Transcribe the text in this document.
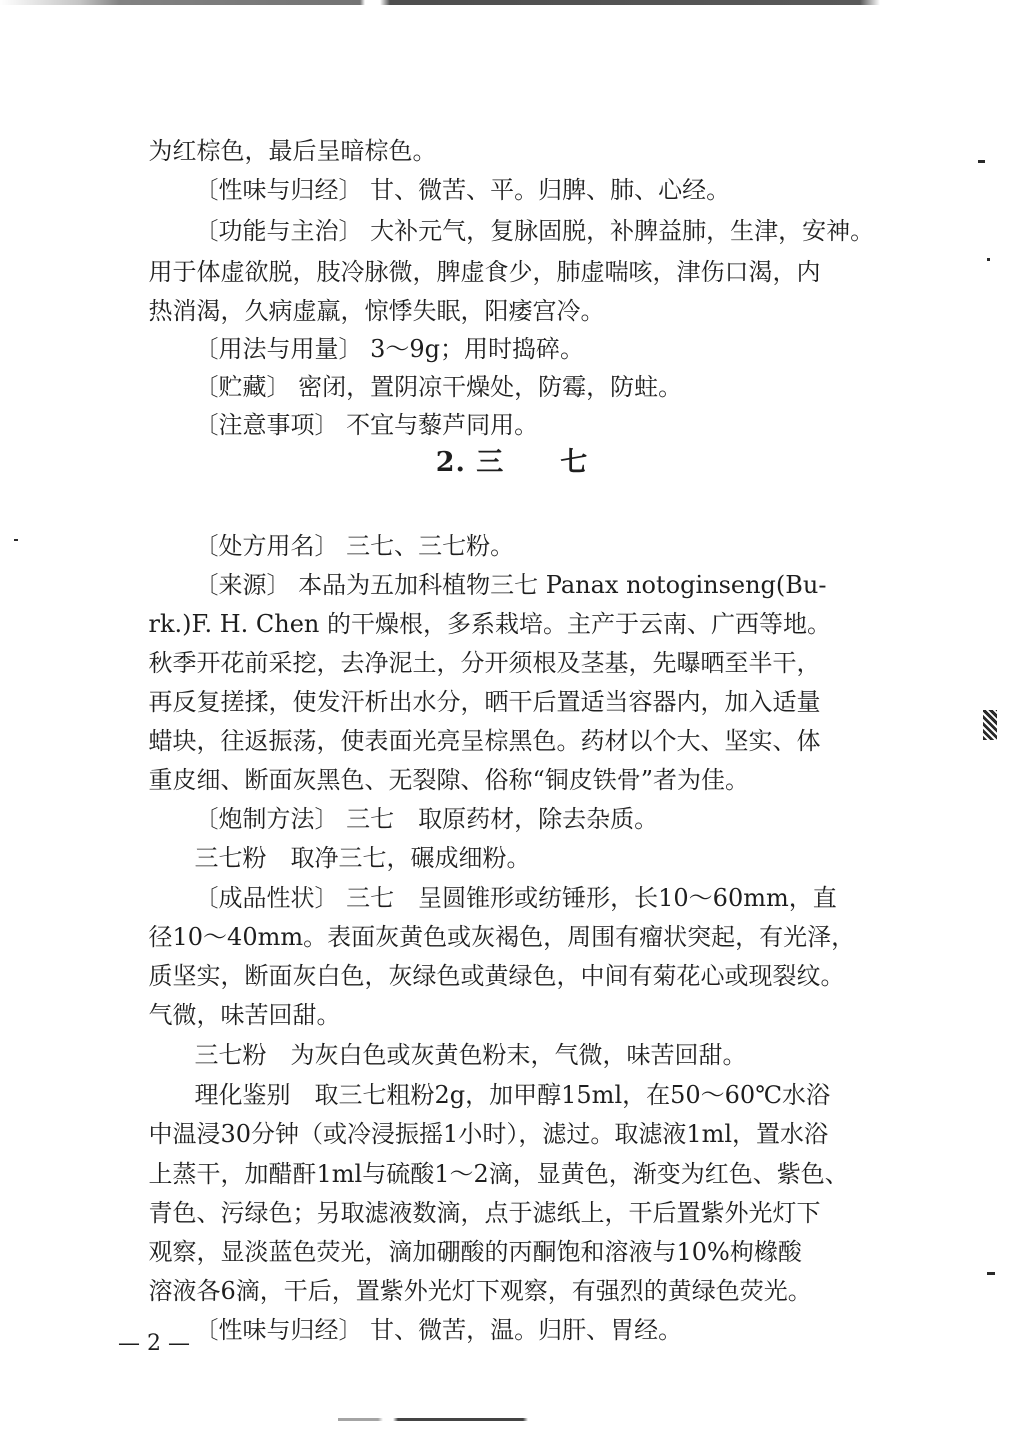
为红棕色，最后呈暗棕色。

〔性味与归经〕 甘、微苦、平。归脾、肺、心经。

〔功能与主治〕 大补元气，复脉固脱，补脾益肺，生津，安神。

用于体虚欲脱，肢冷脉微，脾虚食少，肺虚喘咳，津伤口渴，内

热消渴，久病虚羸，惊悸失眠，阳痿宫冷。

〔用法与用量〕 3～9g；用时捣碎。

〔贮藏〕 密闭，置阴凉干燥处，防霉，防蛀。

〔注意事项〕 不宜与藜芦同用。

2. 三　　七

〔处方用名〕 三七、三七粉。

〔来源〕 本品为五加科植物三七 Panax notoginseng(Bu-

rk.)F. H. Chen 的干燥根，多系栽培。主产于云南、广西等地。

秋季开花前采挖，去净泥土，分开须根及茎基，先曝晒至半干，

再反复搓揉，使发汗析出水分，晒干后置适当容器内，加入适量

蜡块，往返振荡，使表面光亮呈棕黑色。药材以个大、坚实、体

重皮细、断面灰黑色、无裂隙、俗称“铜皮铁骨”者为佳。

〔炮制方法〕 三七　取原药材，除去杂质。

三七粉　取净三七，碾成细粉。

〔成品性状〕 三七　呈圆锥形或纺锤形，长10～60mm，直

径10～40mm。表面灰黄色或灰褐色，周围有瘤状突起，有光泽，

质坚实，断面灰白色，灰绿色或黄绿色，中间有菊花心或现裂纹。

气微，味苦回甜。

三七粉　为灰白色或灰黄色粉末，气微，味苦回甜。

理化鉴别　取三七粗粉2g，加甲醇15ml，在50～60℃水浴

中温浸30分钟（或冷浸振摇1小时），滤过。取滤液1ml，置水浴

上蒸干，加醋酐1ml与硫酸1～2滴，显黄色，渐变为红色、紫色、

青色、污绿色；另取滤液数滴，点于滤纸上，干后置紫外光灯下

观察，显淡蓝色荧光，滴加硼酸的丙酮饱和溶液与10%枸橼酸

溶液各6滴，干后，置紫外光灯下观察，有强烈的黄绿色荧光。

〔性味与归经〕 甘、微苦，温。归肝、胃经。

— 2 —
